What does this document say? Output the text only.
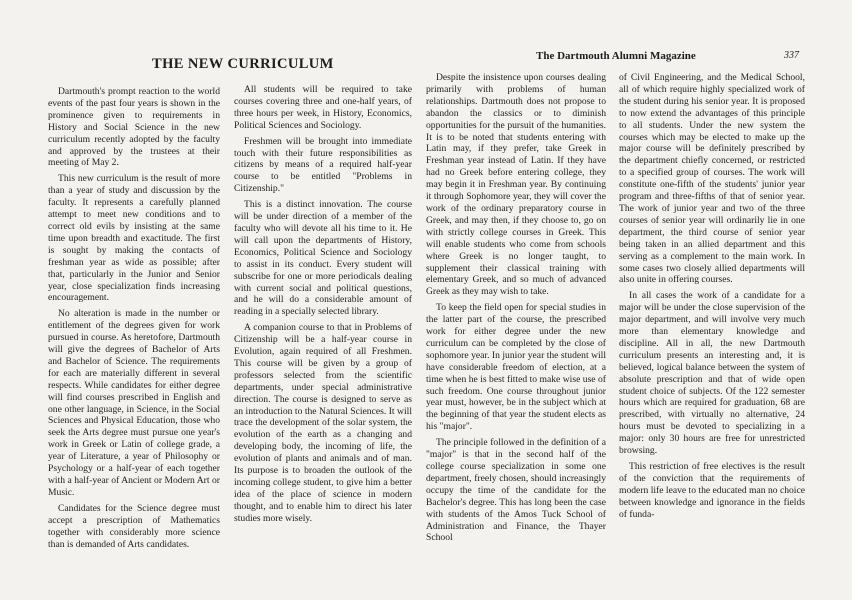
THE NEW CURRICULUM	The Dartmouth Alumni Magazine	337

Dartmouth's prompt reaction to the world events of the past four years is shown in the prominence given to requirements in History and Social Science in the new curriculum recently adopted by the faculty and approved by the trustees at their meeting of May 2.

This new curriculum is the result of more than a year of study and discussion by the faculty. It represents a carefully planned attempt to meet new conditions and to correct old evils by insisting at the same time upon breadth and exactitude. The first is sought by making the contacts of freshman year as wide as possible; after that, particularly in the Junior and Senior year, close specialization finds increasing encouragement.

No alteration is made in the number or entitlement of the degrees given for work pursued in course. As heretofore, Dartmouth will give the degrees of Bachelor of Arts and Bachelor of Science. The requirements for each are materially different in several respects. While candidates for either degree will find courses prescribed in English and one other language, in Science, in the Social Sciences and Physical Education, those who seek the Arts degree must pursue one year's work in Greek or Latin of college grade, a year of Literature, a year of Philosophy or Psychology or a half-year of each together with a half-year of Ancient or Modern Art or Music.

Candidates for the Science degree must accept a prescription of Mathematics together with considerably more science than is demanded of Arts candidates.

All students will be required to take courses covering three and one-half years, of three hours per week, in History, Economics, Political Sciences and Sociology.

Freshmen will be brought into immediate touch with their future responsibilities as citizens by means of a required half-year course to be entitled "Problems in Citizenship."

This is a distinct innovation. The course will be under direction of a member of the faculty who will devote all his time to it. He will call upon the departments of History, Economics, Political Science and Sociology to assist in its conduct. Every student will subscribe for one or more periodicals dealing with current social and political questions, and he will do a considerable amount of reading in a specially selected library.

A companion course to that in Problems of Citizenship will be a half-year course in Evolution, again required of all Freshmen. This course will be given by a group of professors selected from the scientific departments, under special administrative direction. The course is designed to serve as an introduction to the Natural Sciences. It will trace the development of the solar system, the evolution of the earth as a changing and developing body, the incoming of life, the evolution of plants and animals and of man. Its purpose is to broaden the outlook of the incoming college student, to give him a better idea of the place of science in modern thought, and to enable him to direct his later studies more wisely.

Despite the insistence upon courses dealing primarily with problems of human relationships. Dartmouth does not propose to abandon the classics or to diminish opportunities for the pursuit of the humanities. It is to be noted that students entering with Latin may, if they prefer, take Greek in Freshman year instead of Latin. If they have had no Greek before entering college, they may begin it in Freshman year. By continuing it through Sophomore year, they will cover the work of the ordinary preparatory course in Greek, and may then, if they choose to, go on with strictly college courses in Greek. This will enable students who come from schools where Greek is no longer taught, to supplement their classical training with elementary Greek, and so much of advanced Greek as they may wish to take.

To keep the field open for special studies in the latter part of the course, the prescribed work for either degree under the new curriculum can be completed by the close of sophomore year. In junior year the student will have considerable freedom of election, at a time when he is best fitted to make wise use of such freedom. One course throughout junior year must, however, be in the subject which at the beginning of that year the student elects as his "major".

The principle followed in the definition of a "major" is that in the second half of the college course specialization in some one department, freely chosen, should increasingly occupy the time of the candidate for the Bachelor's degree. This has long been the case with students of the Amos Tuck School of Administration and Finance, the Thayer School

of Civil Engineering, and the Medical School, all of which require highly specialized work of the student during his senior year. It is proposed to now extend the advantages of this principle to all students. Under the new system the courses which may be elected to make up the major course will be definitely prescribed by the department chiefly concerned, or restricted to a specified group of courses. The work will constitute one-fifth of the students' junior year program and three-fifths of that of senior year. The work of junior year and two of the three courses of senior year will ordinarily lie in one department, the third course of senior year being taken in an allied department and this serving as a complement to the main work. In some cases two closely allied departments will also unite in offering courses.

In all cases the work of a candidate for a major will be under the close supervision of the major department, and will involve very much more than elementary knowledge and discipline. All in all, the new Dartmouth curriculum presents an interesting and, it is believed, logical balance between the system of absolute prescription and that of wide open student choice of subjects. Of the 122 semester hours which are required for graduation, 68 are prescribed, with virtually no alternative, 24 hours must be devoted to specializing in a major: only 30 hours are free for unrestricted browsing.

This restriction of free electives is the result of the conviction that the requirements of modern life leave to the educated man no choice between knowledge and ignorance in the fields of funda-
